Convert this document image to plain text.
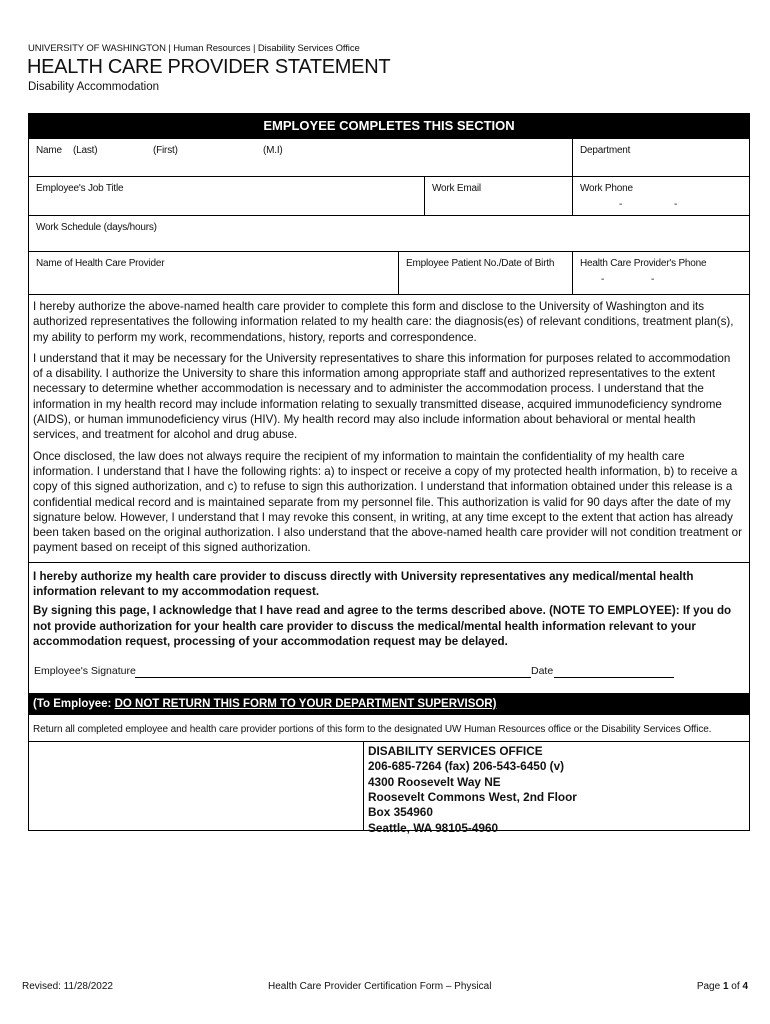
UNIVERSITY OF WASHINGTON | Human Resources | Disability Services Office
HEALTH CARE PROVIDER STATEMENT
Disability Accommodation
EMPLOYEE COMPLETES THIS SECTION
Name (Last)	(First)	(M.I)	Department
Employee's Job Title	Work Email	Work Phone
-	-
Work Schedule (days/hours)
Name of Health Care Provider	Employee Patient No./Date of Birth	Health Care Provider's Phone
-	-

I hereby authorize the above-named health care provider to complete this form and disclose to the University of Washington and its authorized representatives the following information related to my health care: the diagnosis(es) of relevant conditions, treatment plan(s), my ability to perform my work, recommendations, history, reports and correspondence.

I understand that it may be necessary for the University representatives to share this information for purposes related to accommodation of a disability. I authorize the University to share this information among appropriate staff and authorized representatives to the extent necessary to determine whether accommodation is necessary and to administer the accommodation process. I understand that the information in my health record may include information relating to sexually transmitted disease, acquired immunodeficiency syndrome (AIDS), or human immunodeficiency virus (HIV). My health record may also include information about behavioral or mental health services, and treatment for alcohol and drug abuse.

Once disclosed, the law does not always require the recipient of my information to maintain the confidentiality of my health care information. I understand that I have the following rights: a) to inspect or receive a copy of my protected health information, b) to receive a copy of this signed authorization, and c) to refuse to sign this authorization. I understand that information obtained under this release is a confidential medical record and is maintained separate from my personnel file. This authorization is valid for 90 days after the date of my signature below. However, I understand that I may revoke this consent, in writing, at any time except to the extent that action has already been taken based on the original authorization. I also understand that the above-named health care provider will not condition treatment or payment based on receipt of this signed authorization.

I hereby authorize my health care provider to discuss directly with University representatives any medical/mental health information relevant to my accommodation request.

By signing this page, I acknowledge that I have read and agree to the terms described above. (NOTE TO EMPLOYEE): If you do not provide authorization for your health care provider to discuss the medical/mental health information relevant to your accommodation request, processing of your accommodation request may be delayed.

Employee's Signature	Date
(To Employee: DO NOT RETURN THIS FORM TO YOUR DEPARTMENT SUPERVISOR)
Return all completed employee and health care provider portions of this form to the designated UW Human Resources office or the Disability Services Office.
DISABILITY SERVICES OFFICE
206-685-7264 (fax) 206-543-6450 (v)
4300 Roosevelt Way NE
Roosevelt Commons West, 2nd Floor
Box 354960
Seattle, WA 98105-4960
Revised: 11/28/2022	Health Care Provider Certification Form – Physical	Page 1 of 4
